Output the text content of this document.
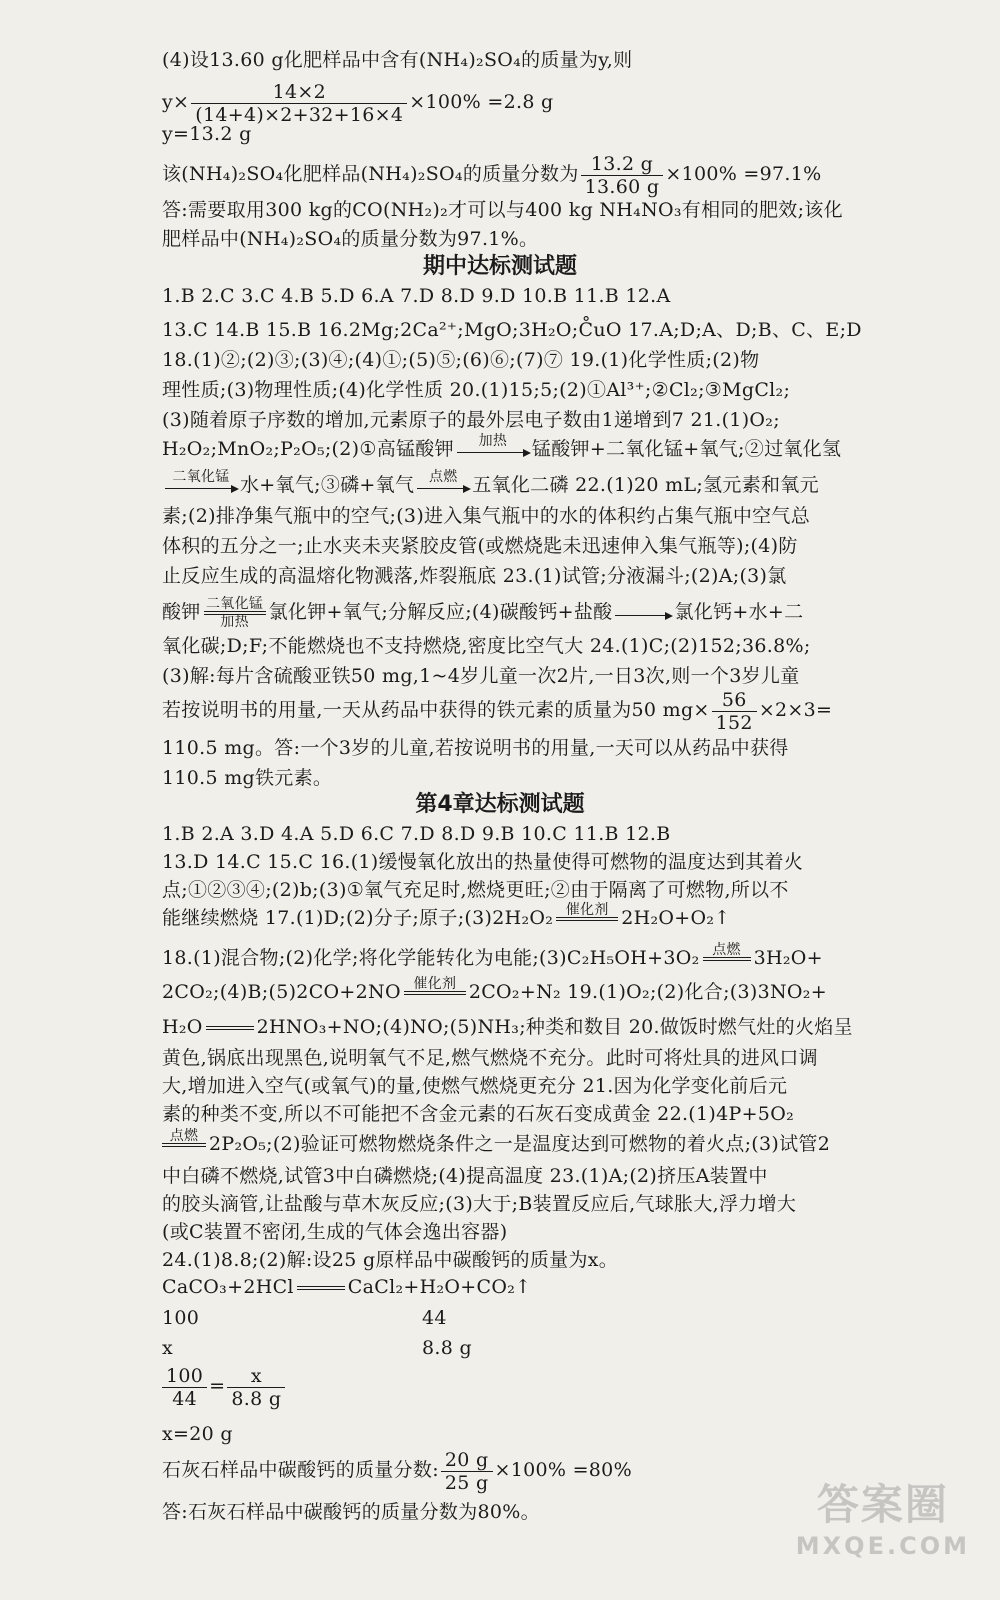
(4)设13.60 g化肥样品中含有(NH₄)₂SO₄的质量为y,则
$y\times \frac{14\times 2}{(14+4)\times 2+32+16\times 4} \times 100\% =2.8$ g
y=13.2 g
该(NH₄)₂SO₄化肥样品(NH₄)₂SO₄的质量分数为 $\frac{13.2 g}{13.60 g} \times 100\% =97.1\%$
答:需要取用300 kg的CO(NH₂)₂才可以与400 kg NH₄NO₃有相同的肥效;该化
肥样品中(NH₄)₂SO₄的质量分数为97.1%。
期中达标测试题
1.B 2.C 3.C 4.B 5.D 6.A 7.D 8.D 9.D 10.B 11.B 12.A
13.C 14.B 15.B 16.2Mg;2Ca²⁺;MgO;3H₂O;C̊uO 17.A;D;A、D;B、C、E;D
18.(1)②;(2)③;(3)④;(4)①;(5)⑤;(6)⑥;(7)⑦ 19.(1)化学性质;(2)物
理性质;(3)物理性质;(4)化学性质 20.(1)15;5;(2)①Al³⁺;②Cl₂;③MgCl₂;
(3)随着原子序数的增加,元素原子的最外层电子数由1递增到7 21.(1)O₂;
H₂O₂;MnO₂;P₂O₅;(2)①高锰酸钾	加热
	锰酸钾+二氧化锰+氧气;②过氧化氢
二氧化锰
水+氧气;③磷+氧气	点燃
五氧化二磷 22.(1)20 mL;氢元素和氧元
素;(2)排净集气瓶中的空气;(3)进入集气瓶中的水的体积约占集气瓶中空气总
体积的五分之一;止水夹未夹紧胶皮管(或燃烧匙未迅速伸入集气瓶等);(4)防
止反应生成的高温熔化物溅落,炸裂瓶底 23.(1)试管;分液漏斗;(2)A;(3)氯
酸钾 二氧化锰
加热	氯化钾+氧气;分解反应;(4)碳酸钙+盐酸

	氯化钙+水+二
氧化碳;D;F;不能燃烧也不支持燃烧,密度比空气大 24.(1)C;(2)152;36.8%;
(3)解:每片含硫酸亚铁50 mg,1~4岁儿童一次2片,一日3次,则一个3岁儿童
若按说明书的用量,一天从药品中获得的铁元素的质量为50 $mg\times \frac{56}{152} \times 2\times 3=$
110.5 mg。答:一个3岁的儿童,若按说明书的用量,一天可以从药品中获得
110.5 mg铁元素。
第4章达标测试题
1.B 2.A 3.D 4.A 5.D 6.C 7.D 8.D 9.B 10.C 11.B 12.B
13.D 14.C 15.C 16.(1)缓慢氧化放出的热量使得可燃物的温度达到其着火
点;①②③④;(2)b;(3)①氧气充足时,燃烧更旺;②由于隔离了可燃物,所以不
能继续燃烧 17.(1)D;(2)分子;原子;(3)2H₂O₂ 催化剂
2H₂O+O₂↑
18.(1)混合物;(2)化学;将化学能转化为电能;(3)C₂H₅OH+3O₂ 点燃
3H₂O+
2CO₂;(4)B;(5)2CO+2NO 催化剂
2CO₂+N₂ 19.(1)O₂;(2)化合;(3)3NO₂+
H₂O	2HNO₃+NO;(4)NO;(5)NH₃;种类和数目 20.做饭时燃气灶的火焰呈
黄色,锅底出现黑色,说明氧气不足,燃气燃烧不充分。此时可将灶具的进风口调
大,增加进入空气(或氧气)的量,使燃气燃烧更充分 21.因为化学变化前后元
素的种类不变,所以不可能把不含金元素的石灰石变成黄金 22.(1)4P+5O₂
点燃
2P₂O₅;(2)验证可燃物燃烧条件之一是温度达到可燃物的着火点;(3)试管2
中白磷不燃烧,试管3中白磷燃烧;(4)提高温度 23.(1)A;(2)挤压A装置中
的胶头滴管,让盐酸与草木灰反应;(3)大于;B装置反应后,气球胀大,浮力增大
(或C装置不密闭,生成的气体会逸出容器)
24.(1)8.8;(2)解:设25 g原样品中碳酸钙的质量为x。
CaCO₃+2HCl	CaCl₂+H₂O+CO₂↑
100	44
x	8.8 g
$\frac{100}{44} = \frac{x}{8.8 g}$
x=20 g
石灰石样品中碳酸钙的质量分数: $\frac{20 g}{25 g} \times 100\% =80\%$
答:石灰石样品中碳酸钙的质量分数为80%。	答案圈
MXQE.COM
